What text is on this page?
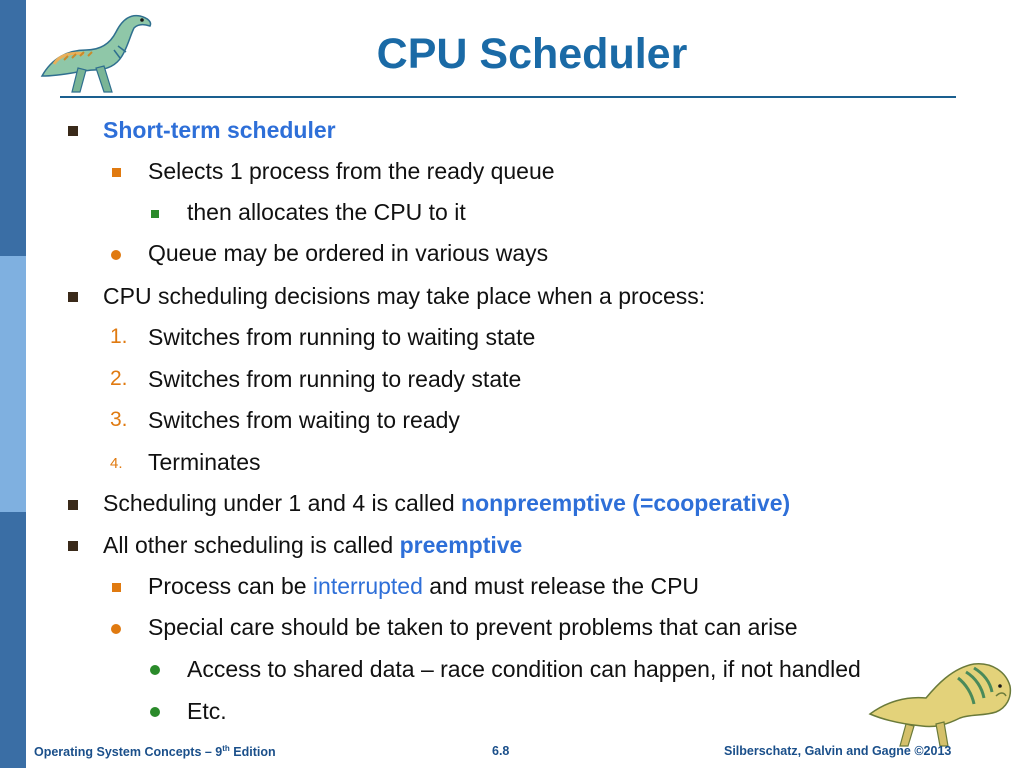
CPU Scheduler
Short-term scheduler
Selects 1 process from the ready queue
then allocates the CPU to it
Queue may be ordered in various ways
CPU scheduling decisions may take place when a process:
1. Switches from running to waiting state
2. Switches from running to ready state
3. Switches from waiting to ready
4. Terminates
Scheduling under 1 and 4 is called nonpreemptive (=cooperative)
All other scheduling is called preemptive
Process can be interrupted and must release the CPU
Special care should be taken to prevent problems that can arise
Access to shared data – race condition can happen, if not handled
Etc.
Operating System Concepts – 9th Edition	6.8	Silberschatz, Galvin and Gagne ©2013
